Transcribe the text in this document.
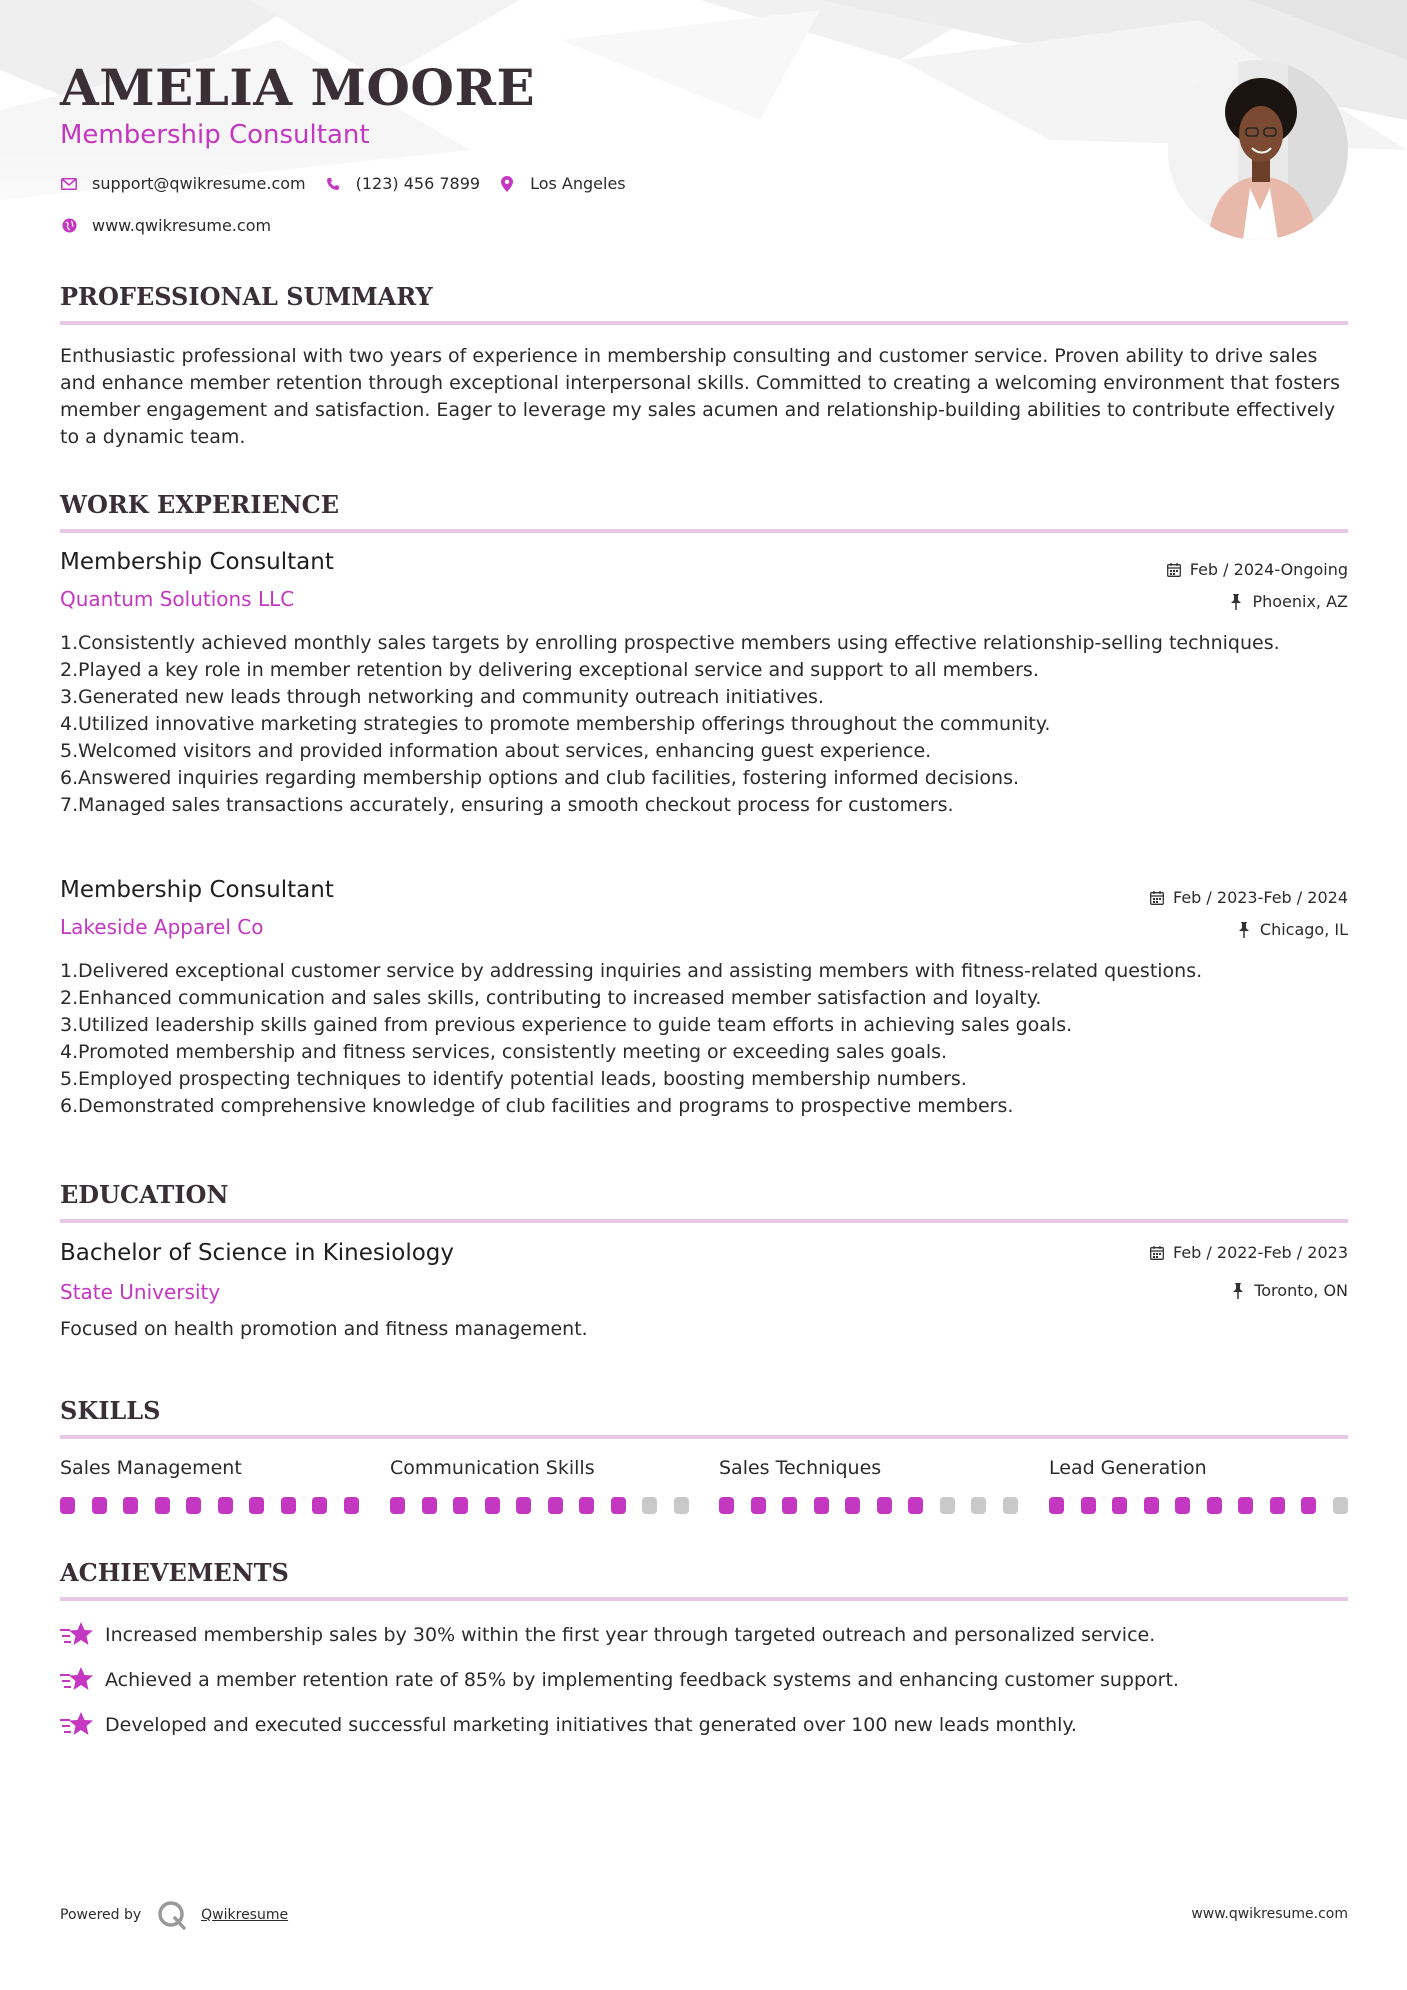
AMELIA MOORE
Membership Consultant
support@qwikresume.com	(123) 456 7899	Los Angeles
www.qwikresume.com
PROFESSIONAL SUMMARY
Enthusiastic professional with two years of experience in membership consulting and customer service. Proven ability to drive sales and enhance member retention through exceptional interpersonal skills. Committed to creating a welcoming environment that fosters member engagement and satisfaction. Eager to leverage my sales acumen and relationship-building abilities to contribute effectively to a dynamic team.
WORK EXPERIENCE
Membership Consultant
Quantum Solutions LLC
Feb / 2024-Ongoing
Phoenix, AZ
1. Consistently achieved monthly sales targets by enrolling prospective members using effective relationship-selling techniques.
2. Played a key role in member retention by delivering exceptional service and support to all members.
3. Generated new leads through networking and community outreach initiatives.
4. Utilized innovative marketing strategies to promote membership offerings throughout the community.
5. Welcomed visitors and provided information about services, enhancing guest experience.
6. Answered inquiries regarding membership options and club facilities, fostering informed decisions.
7. Managed sales transactions accurately, ensuring a smooth checkout process for customers.
Membership Consultant
Lakeside Apparel Co
Feb / 2023-Feb / 2024
Chicago, IL
1. Delivered exceptional customer service by addressing inquiries and assisting members with fitness-related questions.
2. Enhanced communication and sales skills, contributing to increased member satisfaction and loyalty.
3. Utilized leadership skills gained from previous experience to guide team efforts in achieving sales goals.
4. Promoted membership and fitness services, consistently meeting or exceeding sales goals.
5. Employed prospecting techniques to identify potential leads, boosting membership numbers.
6. Demonstrated comprehensive knowledge of club facilities and programs to prospective members.
EDUCATION
Bachelor of Science in Kinesiology
State University
Feb / 2022-Feb / 2023
Toronto, ON
Focused on health promotion and fitness management.
SKILLS
Sales Management	Communication Skills	Sales Techniques	Lead Generation
ACHIEVEMENTS
Increased membership sales by 30% within the first year through targeted outreach and personalized service.
Achieved a member retention rate of 85% by implementing feedback systems and enhancing customer support.
Developed and executed successful marketing initiatives that generated over 100 new leads monthly.
Powered by	Qwikresume	www.qwikresume.com
